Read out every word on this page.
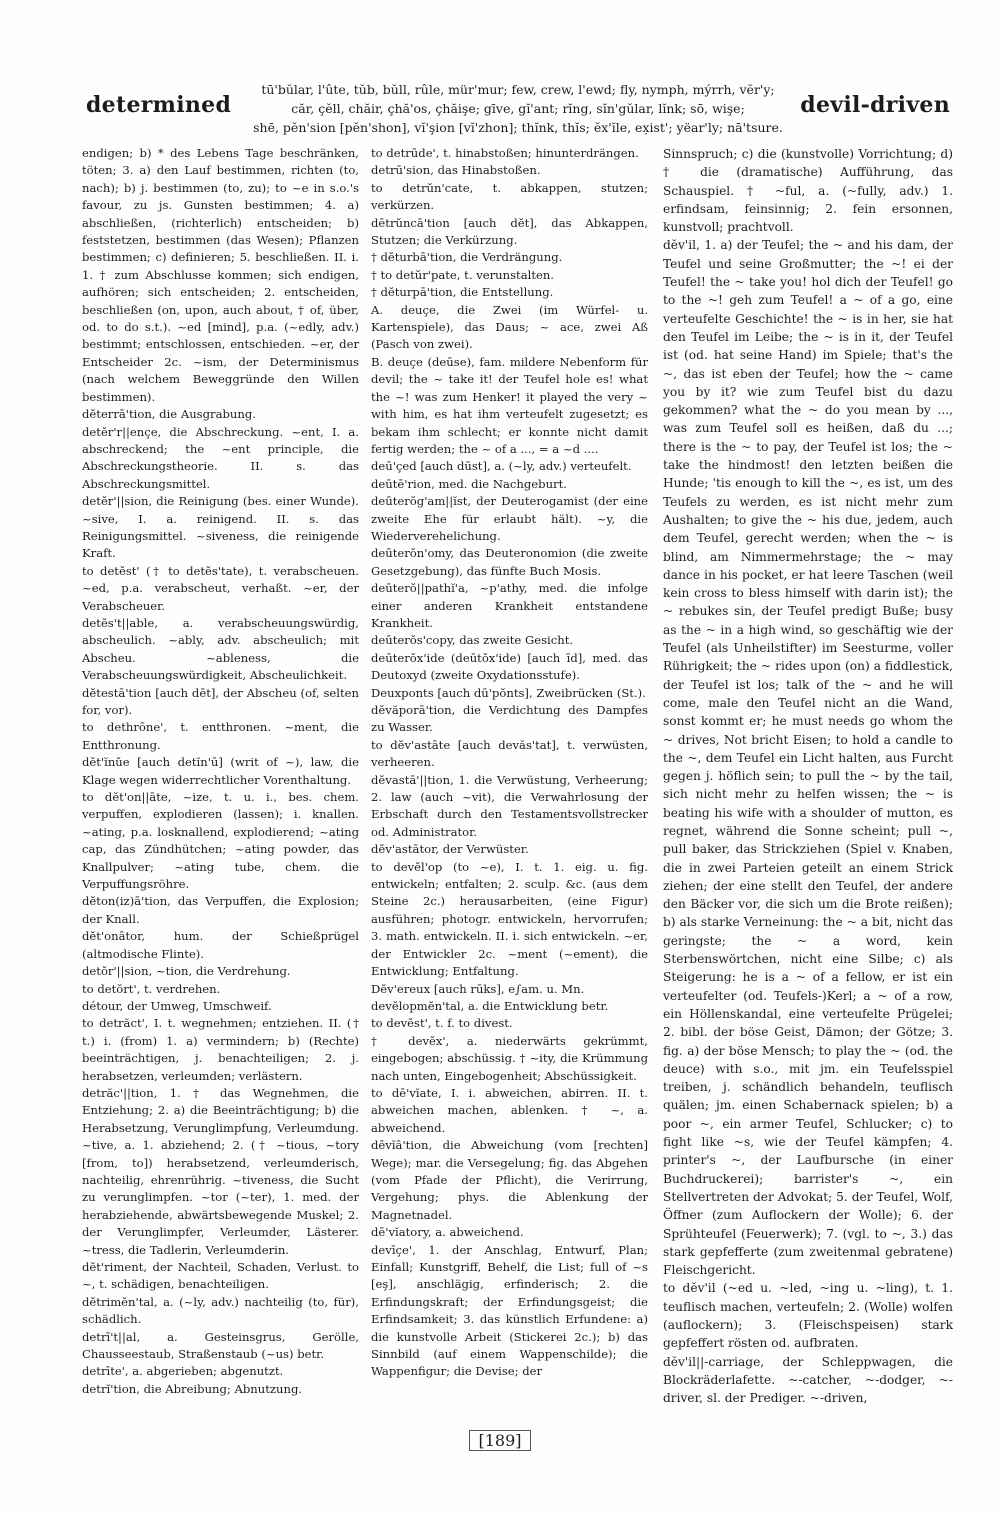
determined
tū'bŭlar, l'ûte, tŭb, bŭll, rûle, mür'mur; few, crew, l'ewd; fly, nymph, mýrrh, vĕr'y;
căr, çĕll, chăir, çhă'os, çhăişe; gīve, gĭ'ant; rĭng, sĭn'gŭlar, lĭnk; sō, wişe;
shē, pĕn'sion [pĕn'shon], vĭ'şion [vĭ'zhon]; thĭnk, thĭs; ĕx'ĭle, ex̣ist'; yëar'ly; nā'tsure.
devil-driven

endigen; b) * des Lebens Tage beschränken, töten; 3. a) den Lauf bestimmen, richten (to, nach); b) j. bestimmen (to, zu); to ~e in s.o.'s favour, zu js. Gunsten bestimmen; 4. a) abschließen, (richterlich) entscheiden; b) feststetzen, bestimmen (das Wesen); Pflanzen bestimmen; c) definieren; 5. beschließen. II. i. 1. † zum Abschlusse kommen; sich endigen, aufhören; sich entscheiden; 2. entscheiden, beschließen (on, upon, auch about, † of, über, od. to do s.t.). ~ed [mind], p.a. (~edly, adv.) bestimmt; entschlossen, entschieden. ~er, der Entscheider 2c. ~ism, der Determinismus (nach welchem Beweggründe den Willen bestimmen).

dĕterrā'tion, die Ausgrabung.

detĕr'r||ençe, die Abschreckung. ~ent, I. a. abschreckend; the ~ent principle, die Abschreckungstheorie. II. s. das Abschreckungsmittel.

detĕr'||sion, die Reinigung (bes. einer Wunde). ~sive, I. a. reinigend. II. s. das Reinigungsmittel. ~siveness, die reinigende Kraft.

to detĕst' († to detĕs'tate), t. verabscheuen. ~ed, p.a. verabscheut, verhaßt. ~er, der Verabscheuer.

detĕs't||able, a. verabscheuungswürdig, abscheulich. ~ably, adv. abscheulich; mit Abscheu. ~ableness, die Verabscheuungswürdigkeit, Abscheulichkeit.

dĕtestā'tion [auch dēt], der Abscheu (of, selten for, vor).

to dethrōne', t. entthronen. ~ment, die Entthronung.

dĕt'ĭnŭe [auch detĭn'ū] (writ of ~), law, die Klage wegen widerrechtlicher Vorenthaltung.

to dĕt'on||āte, ~ize, t. u. i., bes. chem. verpuffen, explodieren (lassen); i. knallen. ~ating, p.a. losknallend, explodierend; ~ating cap, das Zündhütchen; ~ating powder, das Knallpulver; ~ating tube, chem. die Verpuffungsröhre.

dĕton(iz)ā'tion, das Verpuffen, die Explosion; der Knall.

dĕt'onātor, hum. der Schießprügel (altmodische Flinte).

detŏr'||sion, ~tion, die Verdrehung.

to detŏrt', t. verdrehen.

détour, der Umweg, Umschweif.

to detrăct', I. t. wegnehmen; entziehen. II. († t.) i. (from) 1. a) vermindern; b) (Rechte) beeinträchtigen, j. benachteiligen; 2. j. herabsetzen, verleumden; verlästern.

detrăc'||tion, 1. † das Wegnehmen, die Entziehung; 2. a) die Beeinträchtigung; b) die Herabsetzung, Verunglimpfung, Verleumdung. ~tive, a. 1. abziehend; 2. († ~tious, ~tory [from, to]) herabsetzend, verleumderisch, nachteilig, ehrenrührig. ~tiveness, die Sucht zu verunglimpfen. ~tor (~ter), 1. med. der herabziehende, abwärtsbewegende Muskel; 2. der Verunglimpfer, Verleumder, Lästerer. ~tress, die Tadlerin, Verleumderin.

dĕt'riment, der Nachteil, Schaden, Verlust. to ~, t. schädigen, benachteiligen.

dĕtrimĕn'tal, a. (~ly, adv.) nachteilig (to, für), schädlich.

detrī't||al, a. Gesteinsgrus, Gerölle, Chausseestaub, Straßenstaub (~us) betr.

detrīte', a. abgerieben; abgenutzt.

detrĭ'tion, die Abreibung; Abnutzung.

to detrūde', t. hinabstoßen; hinunterdrängen.

detrū'sion, das Hinabstoßen.

to detrŭn'cate, t. abkappen, stutzen; verkürzen.

dētrŭncā'tion [auch dĕt], das Abkappen, Stutzen; die Verkürzung.

† dĕturbā'tion, die Verdrängung.

† to detŭr'pate, t. verunstalten.

† dĕturpā'tion, die Entstellung.

A. deuçe, die Zwei (im Würfel- u. Kartenspiele), das Daus; ~ ace, zwei Aß (Pasch von zwei).

B. deuçe (deūse), fam. mildere Nebenform für devil; the ~ take it! der Teufel hole es! what the ~! was zum Henker! it played the very ~ with him, es hat ihm verteufelt zugesetzt; es bekam ihm schlecht; er konnte nicht damit fertig werden; the ~ of a ..., = a ~d ....

deū'çed [auch dūst], a. (~ly, adv.) verteufelt.

deūtē'rion, med. die Nachgeburt.

deūterŏg'am||ĭst, der Deuterogamist (der eine zweite Ehe für erlaubt hält). ~y, die Wiederverehelichung.

deūterŏn'omy, das Deuteronomion (die zweite Gesetzgebung), das fünfte Buch Mosis.

deūterŏ||pathĭ'a, ~p'athy, med. die infolge einer anderen Krankheit entstandene Krankheit.

deūterŏs'copy, das zweite Gesicht.

deūterŏx'ide (deūtŏx'ide) [auch īd], med. das Deutoxyd (zweite Oxydationsstufe).

Deuxponts [auch dū'pŏnts], Zweibrücken (St.).

dĕvăporā'tion, die Verdichtung des Dampfes zu Wasser.

to dĕv'astāte [auch devăs'tat], t. verwüsten, verheeren.

dĕvastā'||tion, 1. die Verwüstung, Verheerung; 2. law (auch ~vit), die Verwahrlosung der Erbschaft durch den Testamentsvollstrecker od. Administrator.

dĕv'astātor, der Verwüster.

to devĕl'op (to ~e), I. t. 1. eig. u. fig. entwickeln; entfalten; 2. sculp. &c. (aus dem Steine 2c.) herausarbeiten, (eine Figur) ausführen; photogr. entwickeln, hervorrufen; 3. math. entwickeln. II. i. sich entwickeln. ~er, der Entwickler 2c. ~ment (~ement), die Entwicklung; Entfaltung.

Dĕv'ereux [auch rūks], e∫am. u. Mn.

devĕlopmĕn'tal, a. die Entwicklung betr.

to devĕst', t. f. to divest.

† devĕx', a. niederwärts gekrümmt, eingebogen; abschüssig. † ~ity, die Krümmung nach unten, Eingebogenheit; Abschüssigkeit.

to dē'vĭate, I. i. abweichen, abirren. II. t. abweichen machen, ablenken. † ~, a. abweichend.

dēvĭā'tion, die Abweichung (vom [rechten] Wege); mar. die Versegelung; fig. das Abgehen (vom Pfade der Pflicht), die Verirrung, Vergehung; phys. die Ablenkung der Magnetnadel.

dē'vĭatory, a. abweichend.

devīçe', 1. der Anschlag, Entwurf, Plan; Einfall; Kunstgriff, Behelf, die List; full of ~s [eş], anschlägig, erfinderisch; 2. die Erfindungskraft; der Erfindungsgeist; die Erfindsamkeit; 3. das künstlich Erfundene: a) die kunstvolle Arbeit (Stickerei 2c.); b) das Sinnbild (auf einem Wappenschilde); die Wappenfigur; die Devise; der

Sinnspruch; c) die (kunstvolle) Vorrichtung; d) † die (dramatische) Aufführung, das Schauspiel. † ~ful, a. (~fully, adv.) 1. erfindsam, feinsinnig; 2. fein ersonnen, kunstvoll; prachtvoll.

dĕv'il, 1. a) der Teufel; the ~ and his dam, der Teufel und seine Großmutter; the ~! ei der Teufel! the ~ take you! hol dich der Teufel! go to the ~! geh zum Teufel! a ~ of a go, eine verteufelte Geschichte! the ~ is in her, sie hat den Teufel im Leibe; the ~ is in it, der Teufel ist (od. hat seine Hand) im Spiele; that's the ~, das ist eben der Teufel; how the ~ came you by it? wie zum Teufel bist du dazu gekommen? what the ~ do you mean by ..., was zum Teufel soll es heißen, daß du ...; there is the ~ to pay, der Teufel ist los; the ~ take the hindmost! den letzten beißen die Hunde; 'tis enough to kill the ~, es ist, um des Teufels zu werden, es ist nicht mehr zum Aushalten; to give the ~ his due, jedem, auch dem Teufel, gerecht werden; when the ~ is blind, am Nimmermehrstage; the ~ may dance in his pocket, er hat leere Taschen (weil kein cross to bless himself with darin ist); the ~ rebukes sin, der Teufel predigt Buße; busy as the ~ in a high wind, so geschäftig wie der Teufel (als Unheilstifter) im Seesturme, voller Rührigkeit; the ~ rides upon (on) a fiddlestick, der Teufel ist los; talk of the ~ and he will come, male den Teufel nicht an die Wand, sonst kommt er; he must needs go whom the ~ drives, Not bricht Eisen; to hold a candle to the ~, dem Teufel ein Licht halten, aus Furcht gegen j. höflich sein; to pull the ~ by the tail, sich nicht mehr zu helfen wissen; the ~ is beating his wife with a shoulder of mutton, es regnet, während die Sonne scheint; pull ~, pull baker, das Strickziehen (Spiel v. Knaben, die in zwei Parteien geteilt an einem Strick ziehen; der eine stellt den Teufel, der andere den Bäcker vor, die sich um die Brote reißen); b) als starke Verneinung: the ~ a bit, nicht das geringste; the ~ a word, kein Sterbenswörtchen, nicht eine Silbe; c) als Steigerung: he is a ~ of a fellow, er ist ein verteufelter (od. Teufels-)Kerl; a ~ of a row, ein Höllenskandal, eine verteufelte Prügelei; 2. bibl. der böse Geist, Dämon; der Götze; 3. fig. a) der böse Mensch; to play the ~ (od. the deuce) with s.o., mit jm. ein Teufelsspiel treiben, j. schändlich behandeln, teuflisch quälen; jm. einen Schabernack spielen; b) a poor ~, ein armer Teufel, Schlucker; c) to fight like ~s, wie der Teufel kämpfen; 4. printer's ~, der Laufbursche (in einer Buchdruckerei); barrister's ~, ein Stellvertreten der Advokat; 5. der Teufel, Wolf, Öffner (zum Auflockern der Wolle); 6. der Sprühteufel (Feuerwerk); 7. (vgl. to ~, 3.) das stark gepfefferte (zum zweitenmal gebratene) Fleischgericht.

to dĕv'il (~ed u. ~led, ~ing u. ~ling), t. 1. teuflisch machen, verteufeln; 2. (Wolle) wolfen (auflockern); 3. (Fleischspeisen) stark gepfeffert rösten od. aufbraten.

dĕv'il||-carriage, der Schleppwagen, die Blockräderlafette. ~-catcher, ~-dodger, ~-driver, sl. der Prediger. ~-driven,

[189]
